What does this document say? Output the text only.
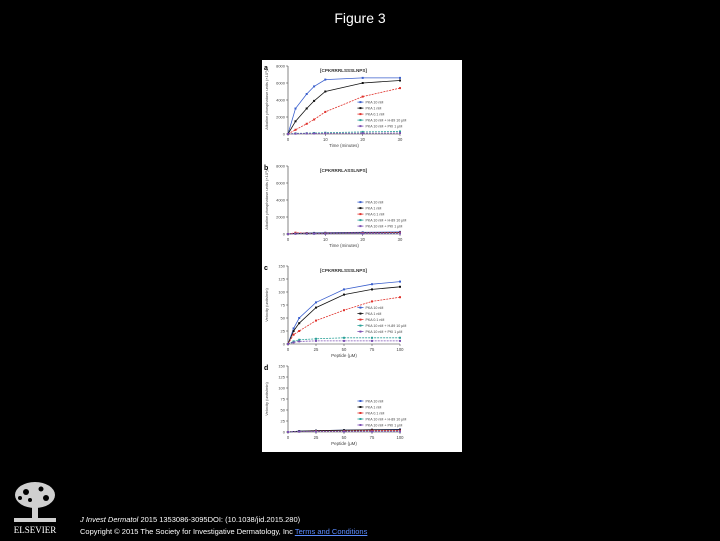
Figure 3
a 8000
6000
4000
2000
0
0	10	20	30
Time (minutes)
Alkaline phosphatase units (×10³)	[CPKRRRLSSSLNPS]
PKA 10 nM
PKA 1 nM
PKA 0.1 nM
PKA 10 nM + H-89 10 μM
PKA 10 nM + PKI 1 μM
b 8000
6000
4000
2000
0
0	10	20	30
Time (minutes)
Alkaline phosphatase units (×10³)	[CPKRRRLASSLNPS]
PKA 10 nM
PKA 1 nM
PKA 0.1 nM
PKA 10 nM + H-89 10 μM
PKA 10 nM + PKI 1 μM
c	150
125
100
75
50
25
0
0	25	50	75	100
Peptide (μM)
Velocity (units/min)
[CPKRRRLSSSLNPS]
PKA 10 nM
PKA 1 nM
PKA 0.1 nM
PKA 10 nM + H-89 10 μM
PKA 10 nM + PKI 1 μM
d	150
125
100
75
50
25
0
0	25	50	75	100
Peptide (μM)
Velocity (units/min)	PKA 10 nM
PKA 1 nM
PKA 0.1 nM
PKA 10 nM + H-89 10 μM
PKA 10 nM + PKI 1 μM
ELSEVIER
J Invest Dermatol 2015 1353086-3095DOI: (10.1038/jid.2015.280)
Copyright © 2015 The Society for Investigative Dermatology, Inc Terms and Conditions
